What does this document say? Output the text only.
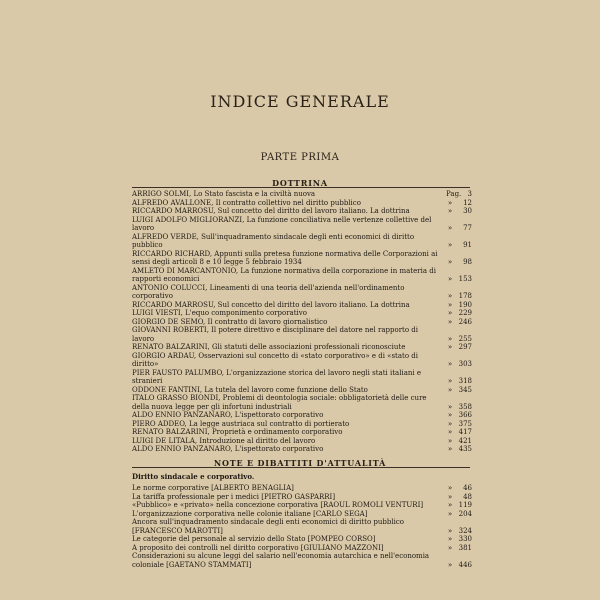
INDICE GENERALE
PARTE PRIMA
DOTTRINA
ARRIGO SOLMI, Lo Stato fascista e la civiltà nuova	Pag. 3
ALFREDO AVALLONE, Il contratto collettivo nel diritto pubblico	»	12
RICCARDO MARROSU, Sul concetto del diritto del lavoro italiano. La dottrina	»	30
LUIGI ADOLFO MIGLIORANZI, La funzione conciliativa nelle vertenze collettive del lavoro	»	77
ALFREDO VERDE, Sull'inquadramento sindacale degli enti economici di diritto pubblico	»	91
RICCARDO RICHARD, Appunti sulla pretesa funzione normativa delle Corporazioni ai sensi degli articoli 8 e 10 legge 5 febbraio 1934	»	98
AMLETO DI MARCANTONIO, La funzione normativa della corporazione in materia di rapporti economici	» 153
ANTONIO COLUCCI, Lineamenti di una teoria dell'azienda nell'ordinamento corporativo	» 178
RICCARDO MARROSU, Sul concetto del diritto del lavoro italiano. La dottrina	» 190
LUIGI VIESTI, L'equo componimento corporativo	» 229
GIORGIO DE SEMO, Il contratto di lavoro giornalistico	» 246
GIOVANNI ROBERTI, Il potere direttivo e disciplinare del datore nel rapporto di lavoro	» 255
RENATO BALZARINI, Gli statuti delle associazioni professionali riconosciute	» 297
GIORGIO ARDAU, Osservazioni sul concetto di «stato corporativo» e di «stato di diritto»	» 303
PIER FAUSTO PALUMBO, L'organizzazione storica del lavoro negli stati italiani e stranieri	» 318
ODDONE FANTINI, La tutela del lavoro come funzione dello Stato	» 345
ITALO GRASSO BIONDI, Problemi di deontologia sociale: obbligatorietà delle cure della nuova legge per gli infortuni industriali	» 358
ALDO ENNIO PANZANARO, L'ispettorato corporativo	» 366
PIERO ADDEO, La legge austriaca sul contratto di portierato	» 375
RENATO BALZARINI, Proprietà e ordinamento corporativo	» 417
LUIGI DE LITALA, Introduzione al diritto del lavoro	» 421
ALDO ENNIO PANZANARO, L'ispettorato corporativo	» 435
NOTE E DIBATTITI D'ATTUALITÀ
Diritto sindacale e corporativo.
Le norme corporative [ALBERTO BENAGLIA]	»	46
La tariffa professionale per i medici [PIETRO GASPARRI]	»	48
«Pubblico» e «privato» nella concezione corporativa [RAOUL ROMOLI VENTURI]	» 119
L'organizzazione corporativa nelle colonie italiane [CARLO SEGA]	» 204
Ancora sull'inquadramento sindacale degli enti economici di diritto pubblico [FRANCESCO MAROTTI]	» 324
Le categorie del personale al servizio dello Stato [POMPEO CORSO]	» 330
A proposito dei controlli nel diritto corporativo [GIULIANO MAZZONI]	» 381
Considerazioni su alcune leggi del salario nell'economia autarchica e nell'economia coloniale [GAETANO STAMMATI]	» 446
